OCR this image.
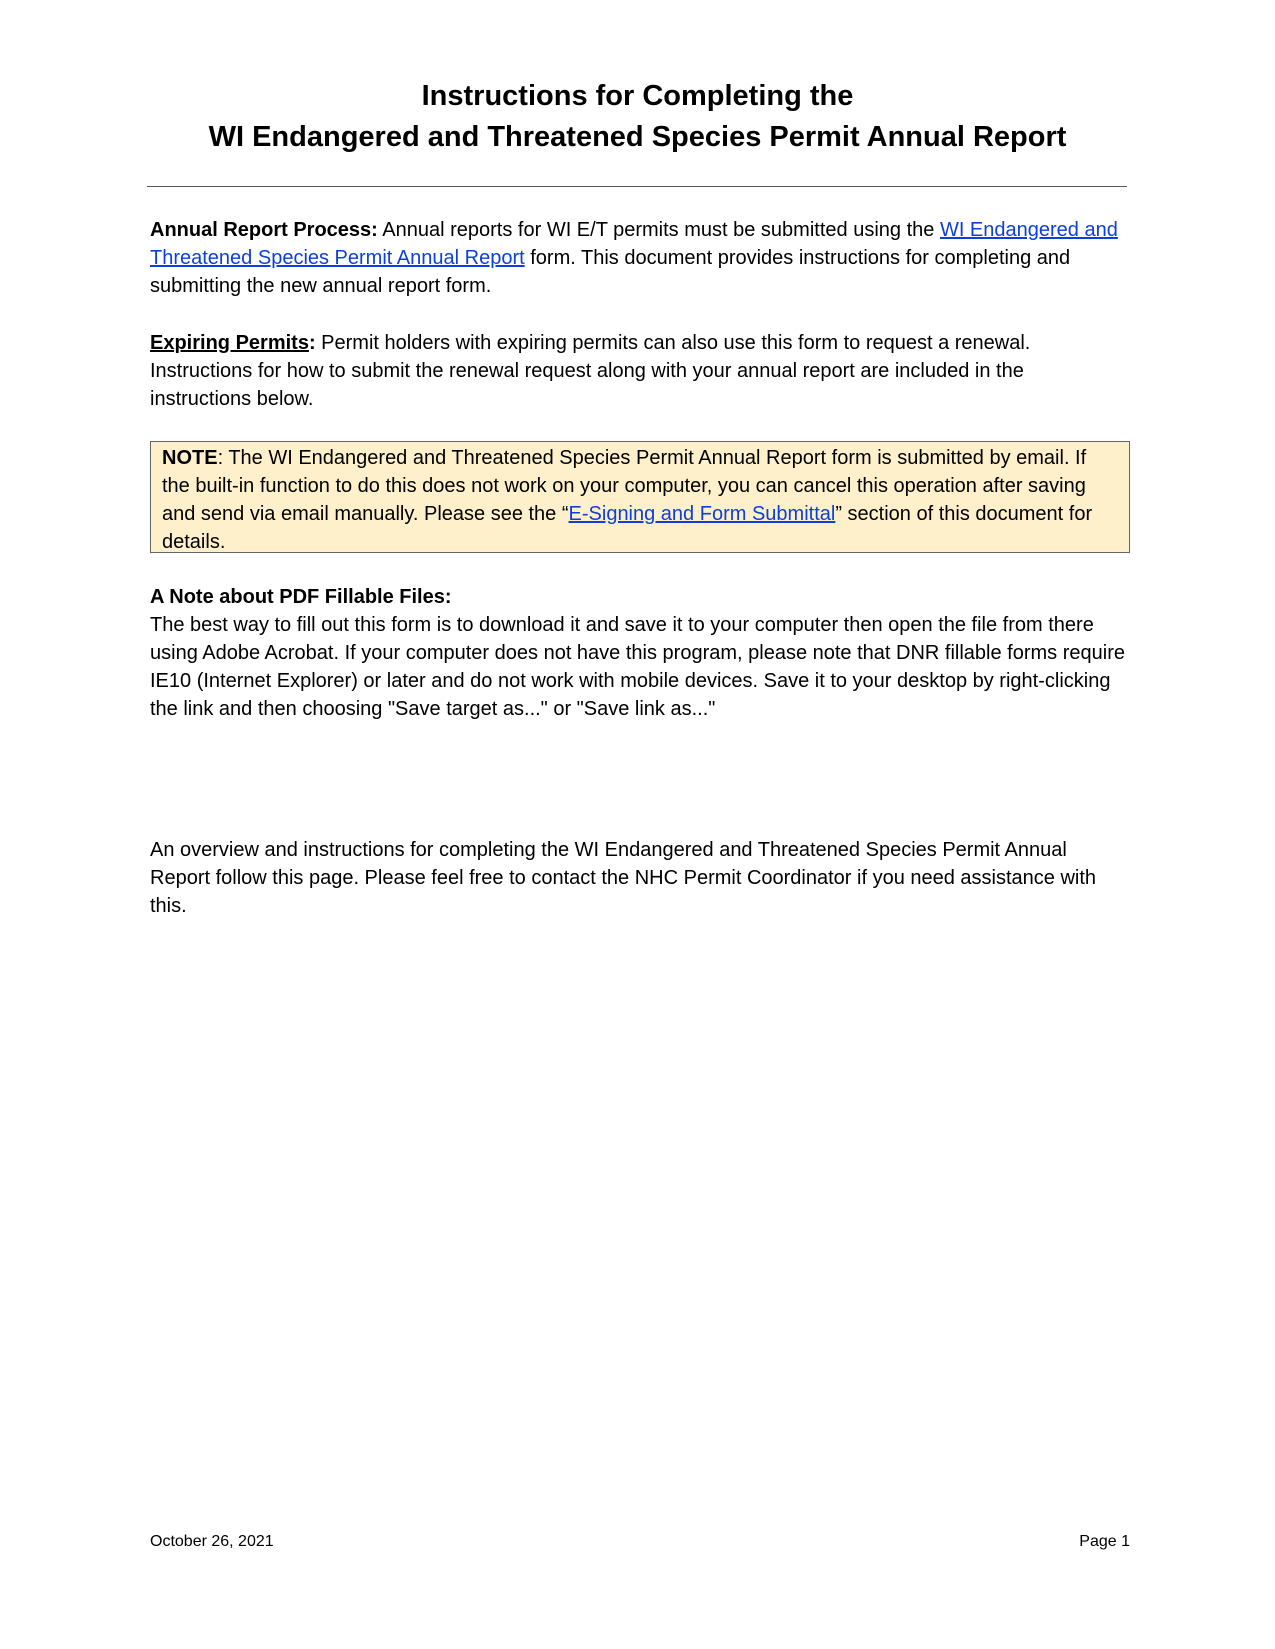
Instructions for Completing the
WI Endangered and Threatened Species Permit Annual Report

Annual Report Process: Annual reports for WI E/T permits must be submitted using the WI Endangered and Threatened Species Permit Annual Report form. This document provides instructions for completing and submitting the new annual report form.

Expiring Permits: Permit holders with expiring permits can also use this form to request a renewal. Instructions for how to submit the renewal request along with your annual report are included in the instructions below.

NOTE: The WI Endangered and Threatened Species Permit Annual Report form is submitted by email. If the built-in function to do this does not work on your computer, you can cancel this operation after saving and send via email manually. Please see the “E-Signing and Form Submittal” section of this document for details.

A Note about PDF Fillable Files:

The best way to fill out this form is to download it and save it to your computer then open the file from there using Adobe Acrobat. If your computer does not have this program, please note that DNR fillable forms require IE10 (Internet Explorer) or later and do not work with mobile devices. Save it to your desktop by right-clicking the link and then choosing "Save target as..." or "Save link as..."

An overview and instructions for completing the WI Endangered and Threatened Species Permit Annual Report follow this page. Please feel free to contact the NHC Permit Coordinator if you need assistance with this.

October 26, 2021	Page 1
